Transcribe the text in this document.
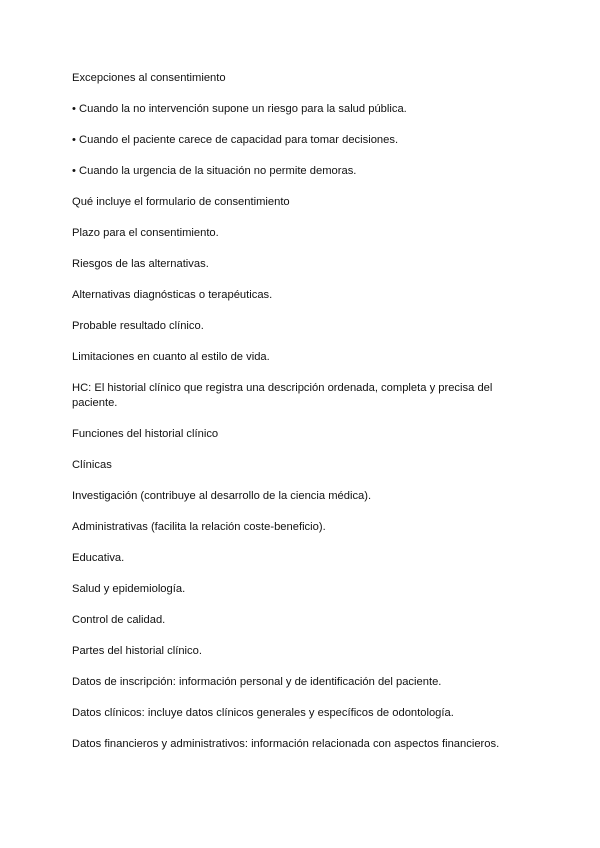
Excepciones al consentimiento

• Cuando la no intervención supone un riesgo para la salud pública.

• Cuando el paciente carece de capacidad para tomar decisiones.

• Cuando la urgencia de la situación no permite demoras.

Qué incluye el formulario de consentimiento

Plazo para el consentimiento.

Riesgos de las alternativas.

Alternativas diagnósticas o terapéuticas.

Probable resultado clínico.

Limitaciones en cuanto al estilo de vida.

HC: El historial clínico que registra una descripción ordenada, completa y precisa del paciente.

Funciones del historial clínico

Clínicas

Investigación (contribuye al desarrollo de la ciencia médica).

Administrativas (facilita la relación coste-beneficio).

Educativa.

Salud y epidemiología.

Control de calidad.

Partes del historial clínico.

Datos de inscripción: información personal y de identificación del paciente.

Datos clínicos: incluye datos clínicos generales y específicos de odontología.

Datos financieros y administrativos: información relacionada con aspectos financieros.
